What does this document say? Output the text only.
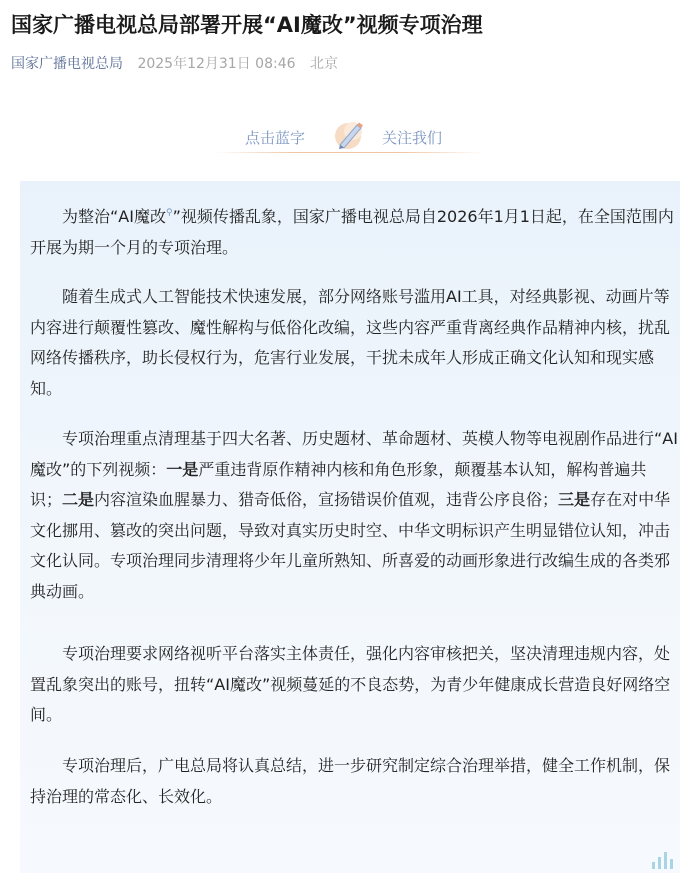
国家广播电视总局部署开展“AI魔改”视频专项治理
国家广播电视总局 2025年12月31日 08:46 北京
点击蓝字	关注我们

为整治“AI魔改⚲”视频传播乱象，国家广播电视总局自2026年1月1日起，在全国范围内开展为期一个月的专项治理。

随着生成式人工智能技术快速发展，部分网络账号滥用AI工具，对经典影视、动画片等内容进行颠覆性篡改、魔性解构与低俗化改编，这些内容严重背离经典作品精神内核，扰乱网络传播秩序，助长侵权行为，危害行业发展，干扰未成年人形成正确文化认知和现实感知。

专项治理重点清理基于四大名著、历史题材、革命题材、英模人物等电视剧作品进行“AI魔改”的下列视频：一是严重违背原作精神内核和角色形象，颠覆基本认知，解构普遍共识；二是内容渲染血腥暴力、猎奇低俗，宣扬错误价值观，违背公序良俗；三是存在对中华文化挪用、篡改的突出问题，导致对真实历史时空、中华文明标识产生明显错位认知，冲击文化认同。专项治理同步清理将少年儿童所熟知、所喜爱的动画形象进行改编生成的各类邪典动画。

专项治理要求网络视听平台落实主体责任，强化内容审核把关，坚决清理违规内容，处置乱象突出的账号，扭转“AI魔改”视频蔓延的不良态势，为青少年健康成长营造良好网络空间。

专项治理后，广电总局将认真总结，进一步研究制定综合治理举措，健全工作机制，保持治理的常态化、长效化。
